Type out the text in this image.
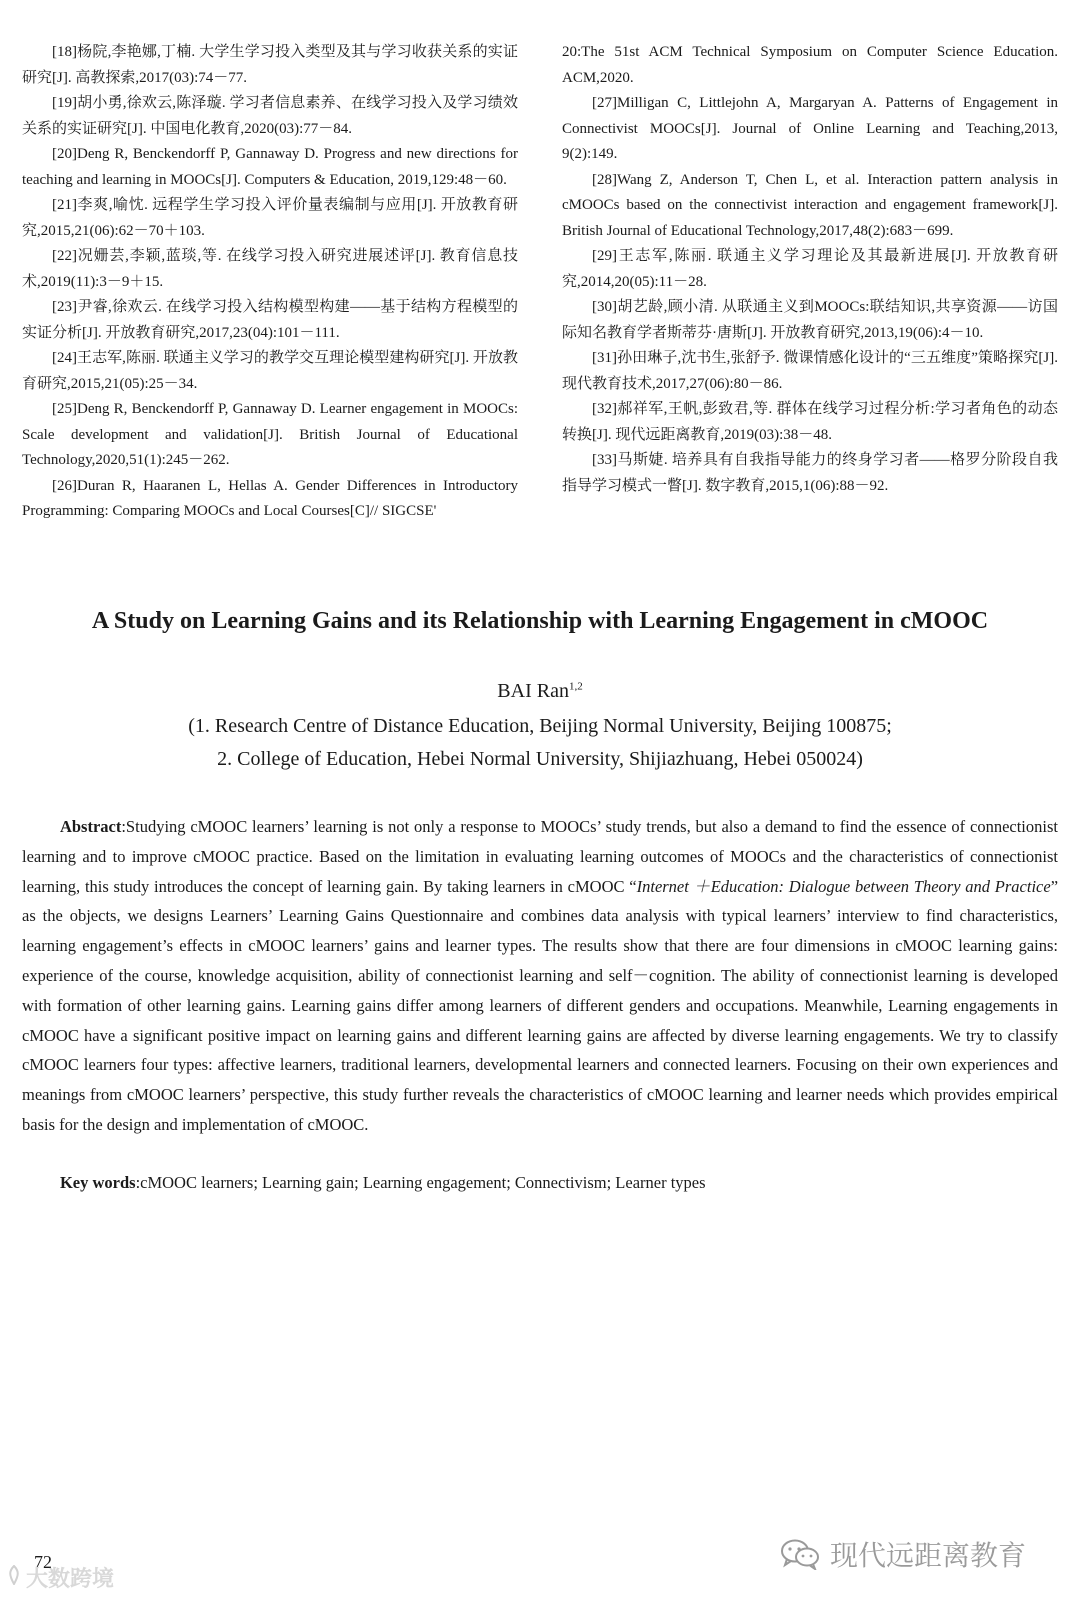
[18]杨院,李艳娜,丁楠. 大学生学习投入类型及其与学习收获关系的实证研究[J]. 高教探索,2017(03):74－77.

[19]胡小勇,徐欢云,陈泽璇. 学习者信息素养、在线学习投入及学习绩效关系的实证研究[J]. 中国电化教育,2020(03):77－84.

[20]Deng R, Benckendorff P, Gannaway D. Progress and new directions for teaching and learning in MOOCs[J]. Computers & Education, 2019,129:48－60.

[21]李爽,喻忱. 远程学生学习投入评价量表编制与应用[J]. 开放教育研究,2015,21(06):62－70＋103.

[22]况姗芸,李颖,蓝琰,等. 在线学习投入研究进展述评[J]. 教育信息技术,2019(11):3－9＋15.

[23]尹睿,徐欢云. 在线学习投入结构模型构建——基于结构方程模型的实证分析[J]. 开放教育研究,2017,23(04):101－111.

[24]王志军,陈丽. 联通主义学习的教学交互理论模型建构研究[J]. 开放教育研究,2015,21(05):25－34.

[25]Deng R, Benckendorff P, Gannaway D. Learner engagement in MOOCs: Scale development and validation[J]. British Journal of Educational Technology,2020,51(1):245－262.

[26]Duran R, Haaranen L, Hellas A. Gender Differences in Introductory Programming: Comparing MOOCs and Local Courses[C]// SIGCSE'

20:The 51st ACM Technical Symposium on Computer Science Education. ACM,2020.

[27]Milligan C, Littlejohn A, Margaryan A. Patterns of Engagement in Connectivist MOOCs[J]. Journal of Online Learning and Teaching,2013, 9(2):149.

[28]Wang Z, Anderson T, Chen L, et al. Interaction pattern analysis in cMOOCs based on the connectivist interaction and engagement framework[J]. British Journal of Educational Technology,2017,48(2):683－699.

[29]王志军,陈丽. 联通主义学习理论及其最新进展[J]. 开放教育研究,2014,20(05):11－28.

[30]胡艺龄,顾小清. 从联通主义到MOOCs:联结知识,共享资源——访国际知名教育学者斯蒂芬·唐斯[J]. 开放教育研究,2013,19(06):4－10.

[31]孙田琳子,沈书生,张舒予. 微课情感化设计的“三五维度”策略探究[J]. 现代教育技术,2017,27(06):80－86.

[32]郝祥军,王帆,彭致君,等. 群体在线学习过程分析:学习者角色的动态转换[J]. 现代远距离教育,2019(03):38－48.

[33]马斯婕. 培养具有自我指导能力的终身学习者——格罗分阶段自我指导学习模式一瞥[J]. 数字教育,2015,1(06):88－92.

A Study on Learning Gains and its Relationship with Learning Engagement in cMOOC
BAI Ran$^{1,2}$
(1. Research Centre of Distance Education, Beijing Normal University, Beijing 100875;
2. College of Education, Hebei Normal University, Shijiazhuang, Hebei 050024)

Abstract:Studying cMOOC learners’ learning is not only a response to MOOCs’ study trends, but also a demand to find the essence of connectionist learning and to improve cMOOC practice. Based on the limitation in evaluating learning outcomes of MOOCs and the characteristics of connectionist learning, this study introduces the concept of learning gain. By taking learners in cMOOC “Internet ＋Education: Dialogue between Theory and Practice” as the objects, we designs Learners’ Learning Gains Questionnaire and combines data analysis with typical learners’ interview to find characteristics, learning engagement’s effects in cMOOC learners’ gains and learner types. The results show that there are four dimensions in cMOOC learning gains: experience of the course, knowledge acquisition, ability of connectionist learning and self－cognition. The ability of connectionist learning is developed with formation of other learning gains. Learning gains differ among learners of different genders and occupations. Meanwhile, Learning engagements in cMOOC have a significant positive impact on learning gains and different learning gains are affected by diverse learning engagements. We try to classify cMOOC learners four types: affective learners, traditional learners, developmental learners and connected learners. Focusing on their own experiences and meanings from cMOOC learners’ perspective, this study further reveals the characteristics of cMOOC learning and learner needs which provides empirical basis for the design and implementation of cMOOC.

Key words:cMOOC learners; Learning gain; Learning engagement; Connectivism; Learner types

72
大数跨境
现代远距离教育
